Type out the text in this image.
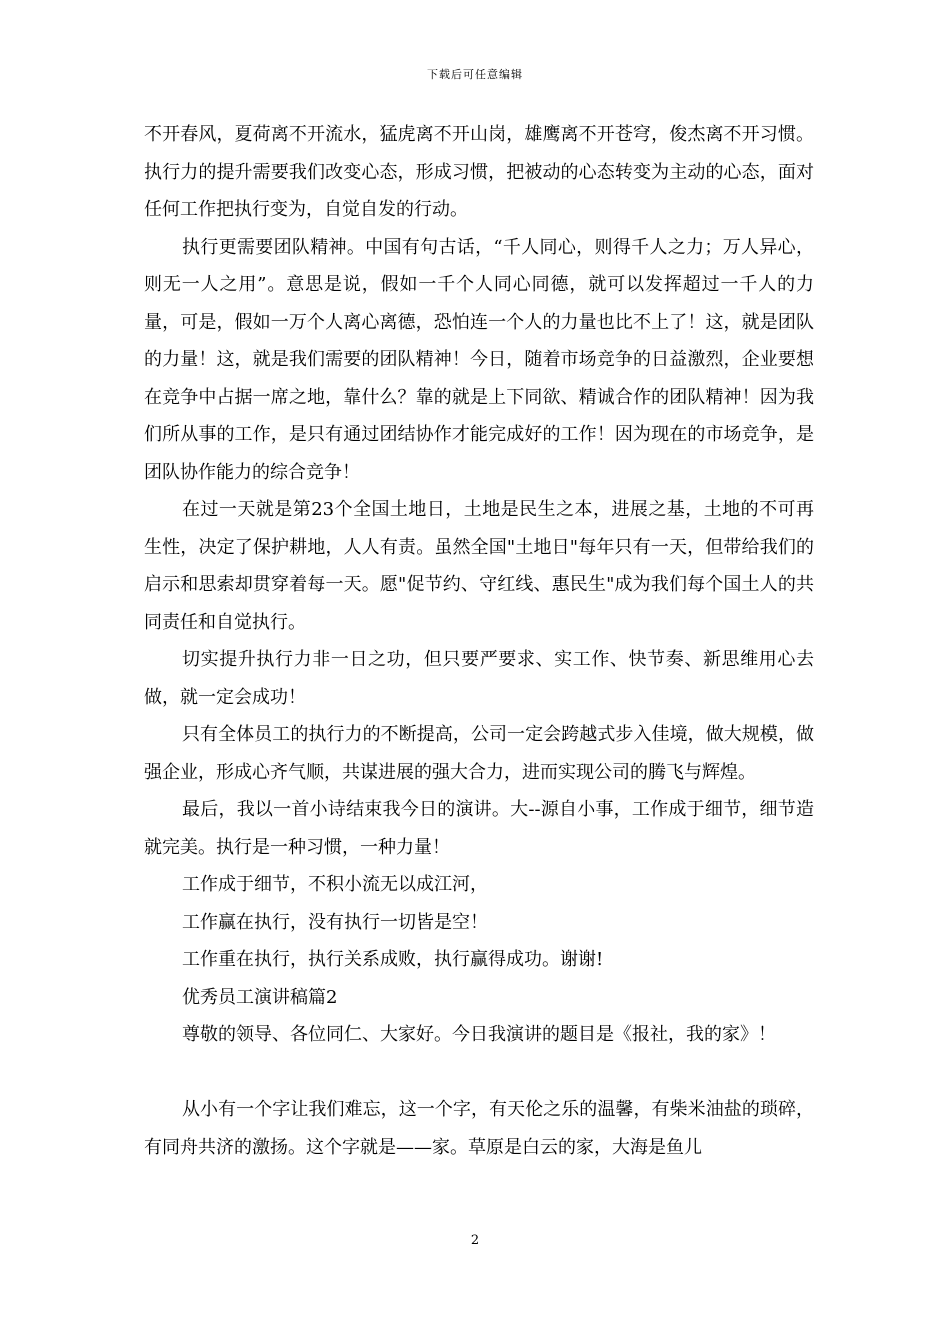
下载后可任意编辑
不开春风，夏荷离不开流水，猛虎离不开山岗，雄鹰离不开苍穹，俊杰离不开习惯。执行力的提升需要我们改变心态，形成习惯，把被动的心态转变为主动的心态，面对任何工作把执行变为，自觉自发的行动。
执行更需要团队精神。中国有句古话，“千人同心，则得千人之力；万人异心，则无一人之用”。意思是说，假如一千个人同心同德，就可以发挥超过一千人的力量，可是，假如一万个人离心离德，恐怕连一个人的力量也比不上了！这，就是团队的力量！这，就是我们需要的团队精神！今日，随着市场竞争的日益激烈，企业要想在竞争中占据一席之地，靠什么？靠的就是上下同欲、精诚合作的团队精神！因为我们所从事的工作，是只有通过团结协作才能完成好的工作！因为现在的市场竞争，是团队协作能力的综合竞争！
在过一天就是第23个全国土地日，土地是民生之本，进展之基，土地的不可再生性，决定了保护耕地，人人有责。虽然全国"土地日"每年只有一天，但带给我们的启示和思索却贯穿着每一天。愿"促节约、守红线、惠民生"成为我们每个国土人的共同责任和自觉执行。
切实提升执行力非一日之功，但只要严要求、实工作、快节奏、新思维用心去做，就一定会成功！
只有全体员工的执行力的不断提高，公司一定会跨越式步入佳境，做大规模，做强企业，形成心齐气顺，共谋进展的强大合力，进而实现公司的腾飞与辉煌。
最后，我以一首小诗结束我今日的演讲。大--源自小事，工作成于细节，细节造就完美。执行是一种习惯，一种力量！
工作成于细节，不积小流无以成江河，
工作赢在执行，没有执行一切皆是空！
工作重在执行，执行关系成败，执行赢得成功。谢谢!
优秀员工演讲稿篇2
尊敬的领导、各位同仁、大家好。今日我演讲的题目是《报社，我的家》！
从小有一个字让我们难忘，这一个字，有天伦之乐的温馨，有柴米油盐的琐碎，有同舟共济的激扬。这个字就是——家。草原是白云的家，大海是鱼儿
2
